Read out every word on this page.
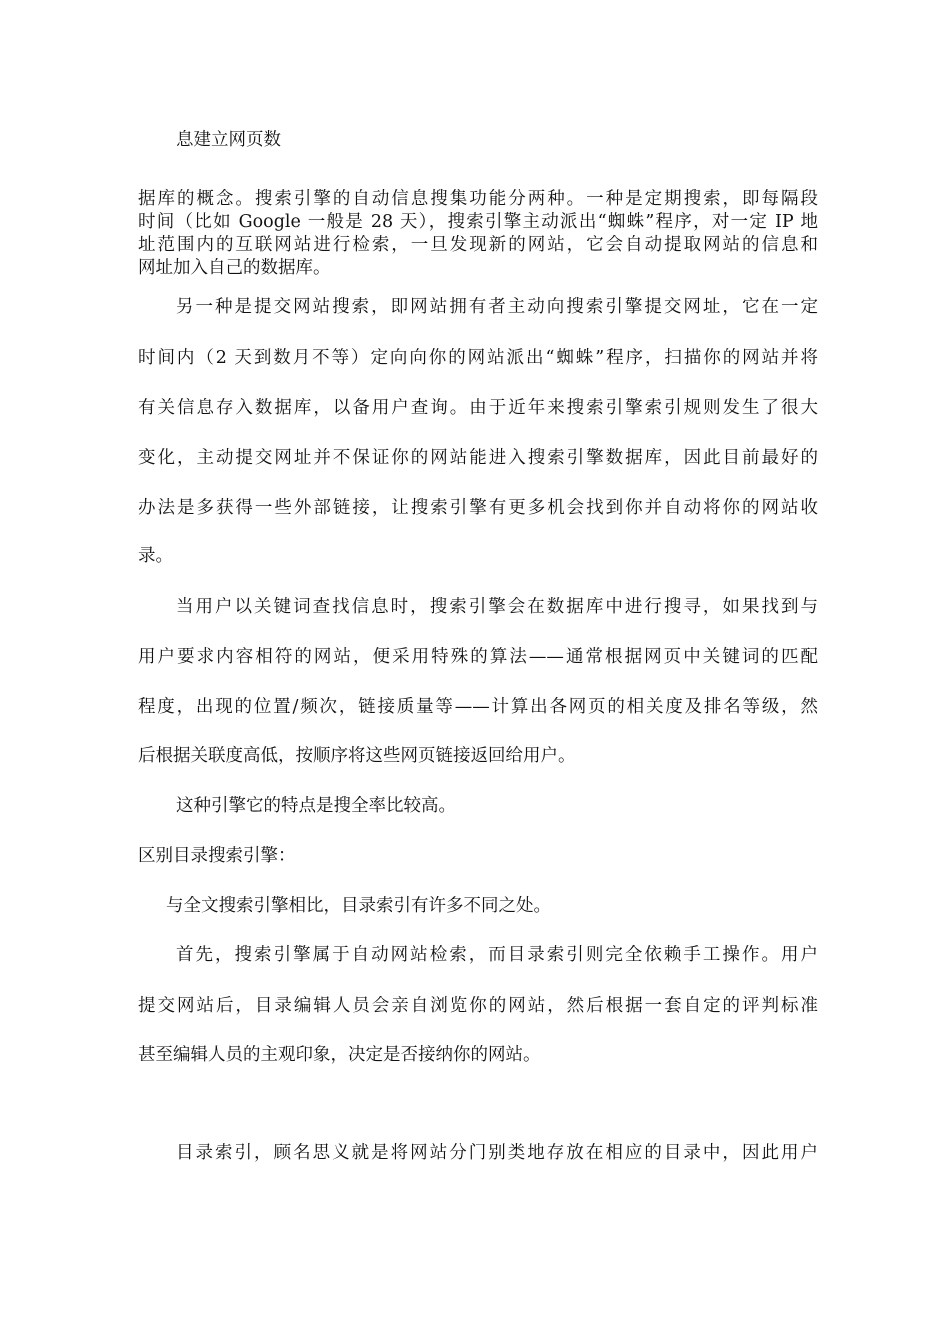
息建立网页数
据库的概念。搜索引擎的自动信息搜集功能分两种。一种是定期搜索，即每隔段
时间（比如 Google 一般是 28 天），搜索引擎主动派出“蜘蛛”程序，对一定 IP 地
址范围内的互联网站进行检索，一旦发现新的网站，它会自动提取网站的信息和
网址加入自己的数据库。
另一种是提交网站搜索，即网站拥有者主动向搜索引擎提交网址，它在一定
时间内（2 天到数月不等）定向向你的网站派出“蜘蛛”程序，扫描你的网站并将
有关信息存入数据库，以备用户查询。由于近年来搜索引擎索引规则发生了很大
变化，主动提交网址并不保证你的网站能进入搜索引擎数据库，因此目前最好的
办法是多获得一些外部链接，让搜索引擎有更多机会找到你并自动将你的网站收
录。
当用户以关键词查找信息时，搜索引擎会在数据库中进行搜寻，如果找到与
用户要求内容相符的网站，便采用特殊的算法——通常根据网页中关键词的匹配
程度，出现的位置/频次，链接质量等——计算出各网页的相关度及排名等级，然
后根据关联度高低，按顺序将这些网页链接返回给用户。
这种引擎它的特点是搜全率比较高。
区别目录搜索引擎：
与全文搜索引擎相比，目录索引有许多不同之处。
首先，搜索引擎属于自动网站检索，而目录索引则完全依赖手工操作。用户
提交网站后，目录编辑人员会亲自浏览你的网站，然后根据一套自定的评判标准
甚至编辑人员的主观印象，决定是否接纳你的网站。
目录索引，顾名思义就是将网站分门别类地存放在相应的目录中，因此用户
